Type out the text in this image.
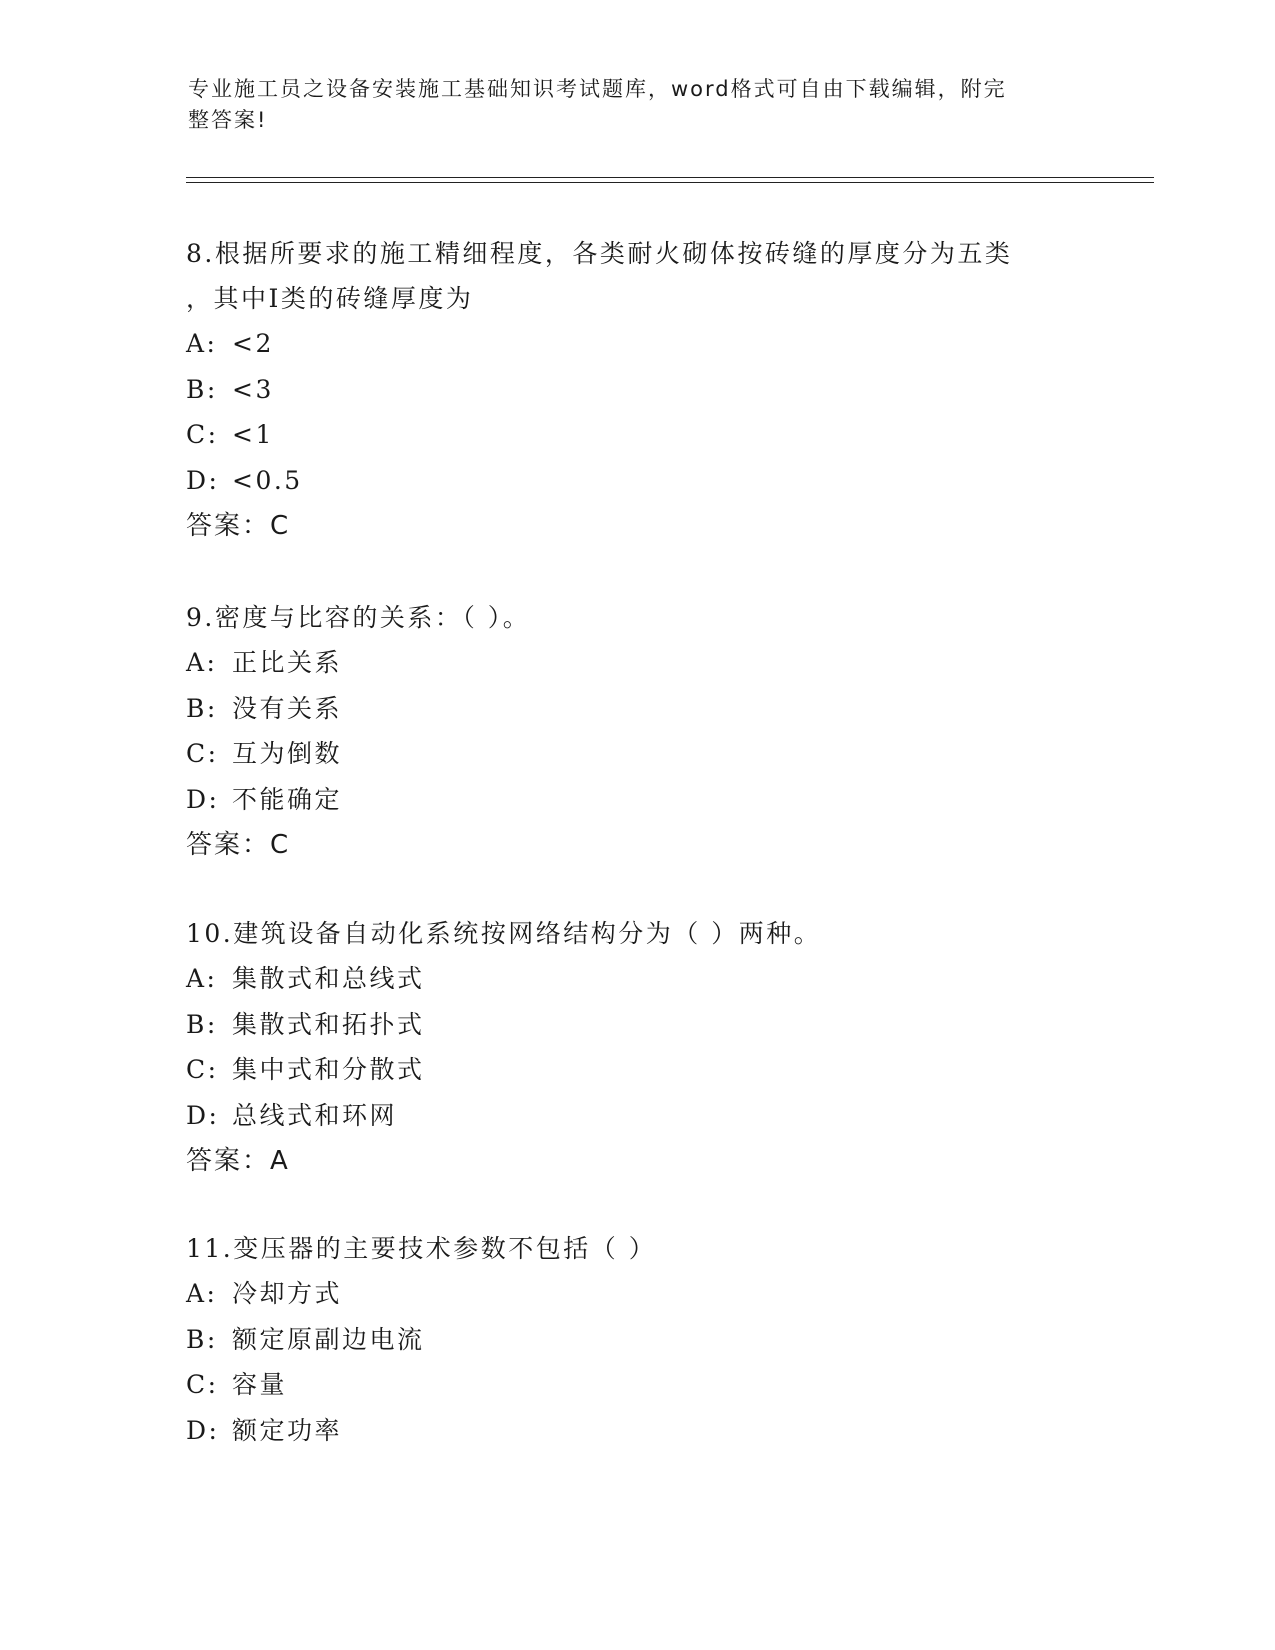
专业施工员之设备安装施工基础知识考试题库，word格式可自由下载编辑，附完
整答案!
8.根据所要求的施工精细程度，各类耐火砌体按砖缝的厚度分为五类
，其中Ⅰ类的砖缝厚度为
A: <2
B: <3
C: <1
D: <0.5
答案：C
9.密度与比容的关系：（ ）。
A: 正比关系
B: 没有关系
C: 互为倒数
D: 不能确定
答案：C
10.建筑设备自动化系统按网络结构分为（ ）两种。
A: 集散式和总线式
B: 集散式和拓扑式
C: 集中式和分散式
D: 总线式和环网
答案：A
11.变压器的主要技术参数不包括（ ）
A: 冷却方式
B: 额定原副边电流
C: 容量
D: 额定功率
